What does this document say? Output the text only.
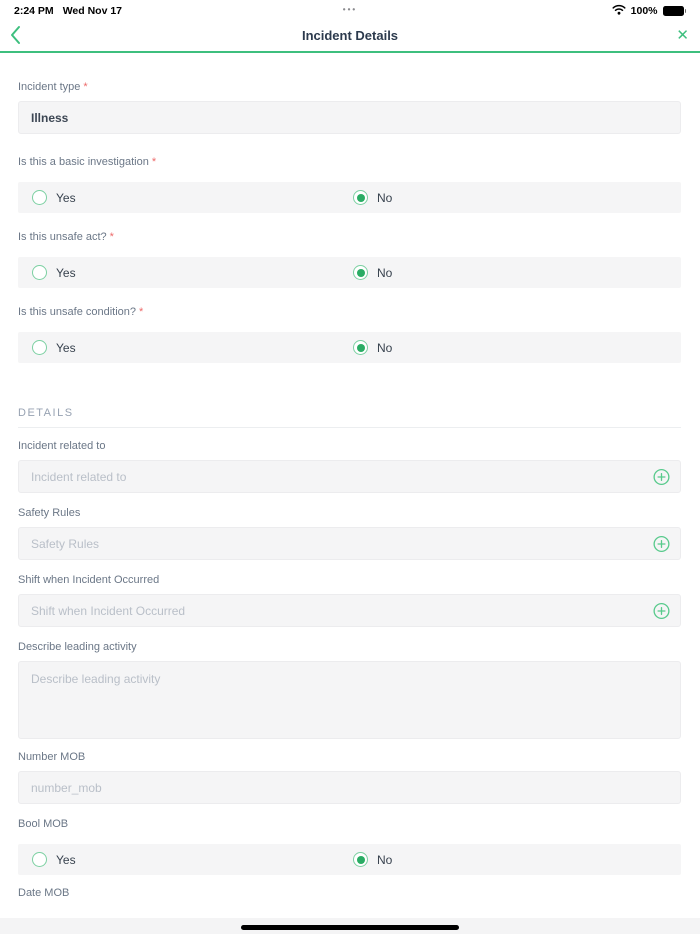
2:24 PM Wed Nov 17	•••	100%
Incident Details	✕
Incident type *
Illness
Is this a basic investigation *
Yes	No
Is this unsafe act? *
Yes	No
Is this unsafe condition? *
Yes	No
DETAILS
Incident related to
Incident related to
Safety Rules
Safety Rules
Shift when Incident Occurred
Shift when Incident Occurred
Describe leading activity
Describe leading activity
Number MOB
number_mob
Bool MOB
Yes	No
Date MOB
